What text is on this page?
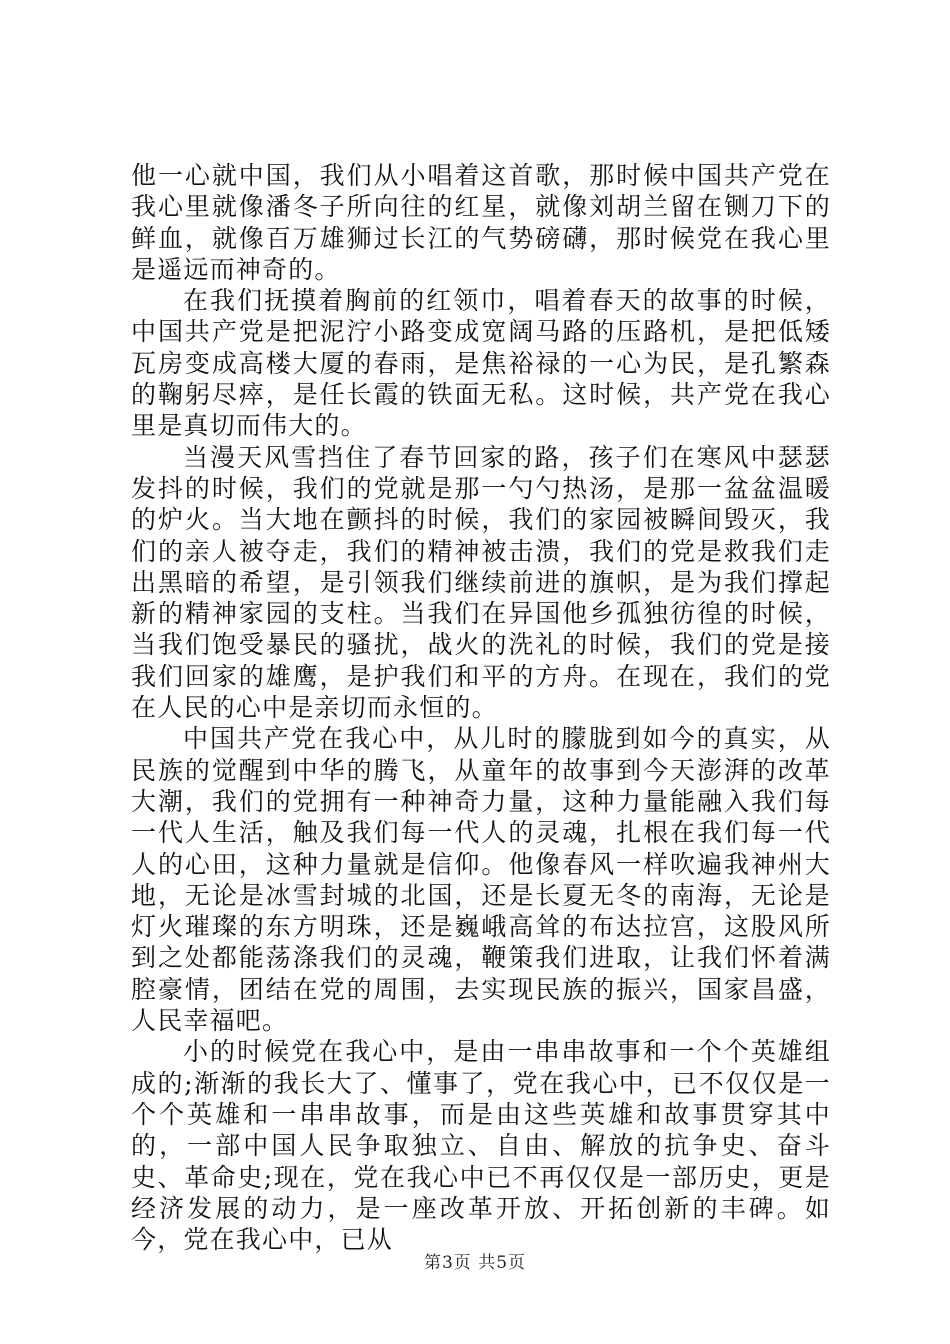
他一心就中国，我们从小唱着这首歌，那时候中国共产党在我心里就像潘冬子所向往的红星，就像刘胡兰留在铡刀下的鲜血，就像百万雄狮过长江的气势磅礴，那时候党在我心里是遥远而神奇的。

在我们抚摸着胸前的红领巾，唱着春天的故事的时候，中国共产党是把泥泞小路变成宽阔马路的压路机，是把低矮瓦房变成高楼大厦的春雨，是焦裕禄的一心为民，是孔繁森的鞠躬尽瘁，是任长霞的铁面无私。这时候，共产党在我心里是真切而伟大的。

当漫天风雪挡住了春节回家的路，孩子们在寒风中瑟瑟发抖的时候，我们的党就是那一勺勺热汤，是那一盆盆温暖的炉火。当大地在颤抖的时候，我们的家园被瞬间毁灭，我们的亲人被夺走，我们的精神被击溃，我们的党是救我们走出黑暗的希望，是引领我们继续前进的旗帜，是为我们撑起新的精神家园的支柱。当我们在异国他乡孤独彷徨的时候，当我们饱受暴民的骚扰，战火的洗礼的时候，我们的党是接我们回家的雄鹰，是护我们和平的方舟。在现在，我们的党在人民的心中是亲切而永恒的。

中国共产党在我心中，从儿时的朦胧到如今的真实，从民族的觉醒到中华的腾飞，从童年的故事到今天澎湃的改革大潮，我们的党拥有一种神奇力量，这种力量能融入我们每一代人生活，触及我们每一代人的灵魂，扎根在我们每一代人的心田，这种力量就是信仰。他像春风一样吹遍我神州大地，无论是冰雪封城的北国，还是长夏无冬的南海，无论是灯火璀璨的东方明珠，还是巍峨高耸的布达拉宫，这股风所到之处都能荡涤我们的灵魂，鞭策我们进取，让我们怀着满腔豪情，团结在党的周围，去实现民族的振兴，国家昌盛，人民幸福吧。

小的时候党在我心中，是由一串串故事和一个个英雄组成的;渐渐的我长大了、懂事了，党在我心中，已不仅仅是一个个英雄和一串串故事，而是由这些英雄和故事贯穿其中的，一部中国人民争取独立、自由、解放的抗争史、奋斗史、革命史;现在，党在我心中已不再仅仅是一部历史，更是经济发展的动力，是一座改革开放、开拓创新的丰碑。如今，党在我心中，已从

第3页 共5页
